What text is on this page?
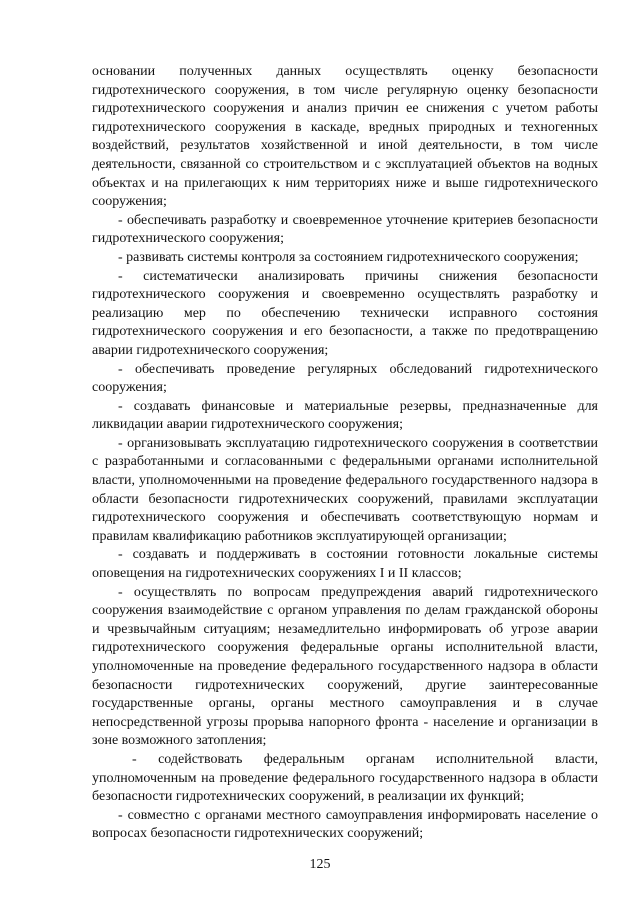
основании полученных данных осуществлять оценку безопасности гидротехнического сооружения, в том числе регулярную оценку безопасности гидротехнического сооружения и анализ причин ее снижения с учетом работы гидротехнического сооружения в каскаде, вредных природных и техногенных воздействий, результатов хозяйственной и иной деятельности, в том числе деятельности, связанной со строительством и с эксплуатацией объектов на водных объектах и на прилегающих к ним территориях ниже и выше гидротехнического сооружения;

- обеспечивать разработку и своевременное уточнение критериев безопасности гидротехнического сооружения;

- развивать системы контроля за состоянием гидротехнического сооружения;

- систематически анализировать причины снижения безопасности гидротехнического сооружения и своевременно осуществлять разработку и реализацию мер по обеспечению технически исправного состояния гидротехнического сооружения и его безопасности, а также по предотвращению аварии гидротехнического сооружения;

- обеспечивать проведение регулярных обследований гидротехнического сооружения;

- создавать финансовые и материальные резервы, предназначенные для ликвидации аварии гидротехнического сооружения;

- организовывать эксплуатацию гидротехнического сооружения в соответствии с разработанными и согласованными с федеральными органами исполнительной власти, уполномоченными на проведение федерального государственного надзора в области безопасности гидротехнических сооружений, правилами эксплуатации гидротехнического сооружения и обеспечивать соответствующую нормам и правилам квалификацию работников эксплуатирующей организации;

- создавать и поддерживать в состоянии готовности локальные системы оповещения на гидротехнических сооружениях I и II классов;

- осуществлять по вопросам предупреждения аварий гидротехнического сооружения взаимодействие с органом управления по делам гражданской обороны и чрезвычайным ситуациям; незамедлительно информировать об угрозе аварии гидротехнического сооружения федеральные органы исполнительной власти, уполномоченные на проведение федерального государственного надзора в области безопасности гидротехнических сооружений, другие заинтересованные государственные органы, органы местного самоуправления и в случае непосредственной угрозы прорыва напорного фронта - население и организации в зоне возможного затопления;

- содействовать федеральным органам исполнительной власти, уполномоченным на проведение федерального государственного надзора в области безопасности гидротехнических сооружений, в реализации их функций;

- совместно с органами местного самоуправления информировать население о вопросах безопасности гидротехнических сооружений;

125
